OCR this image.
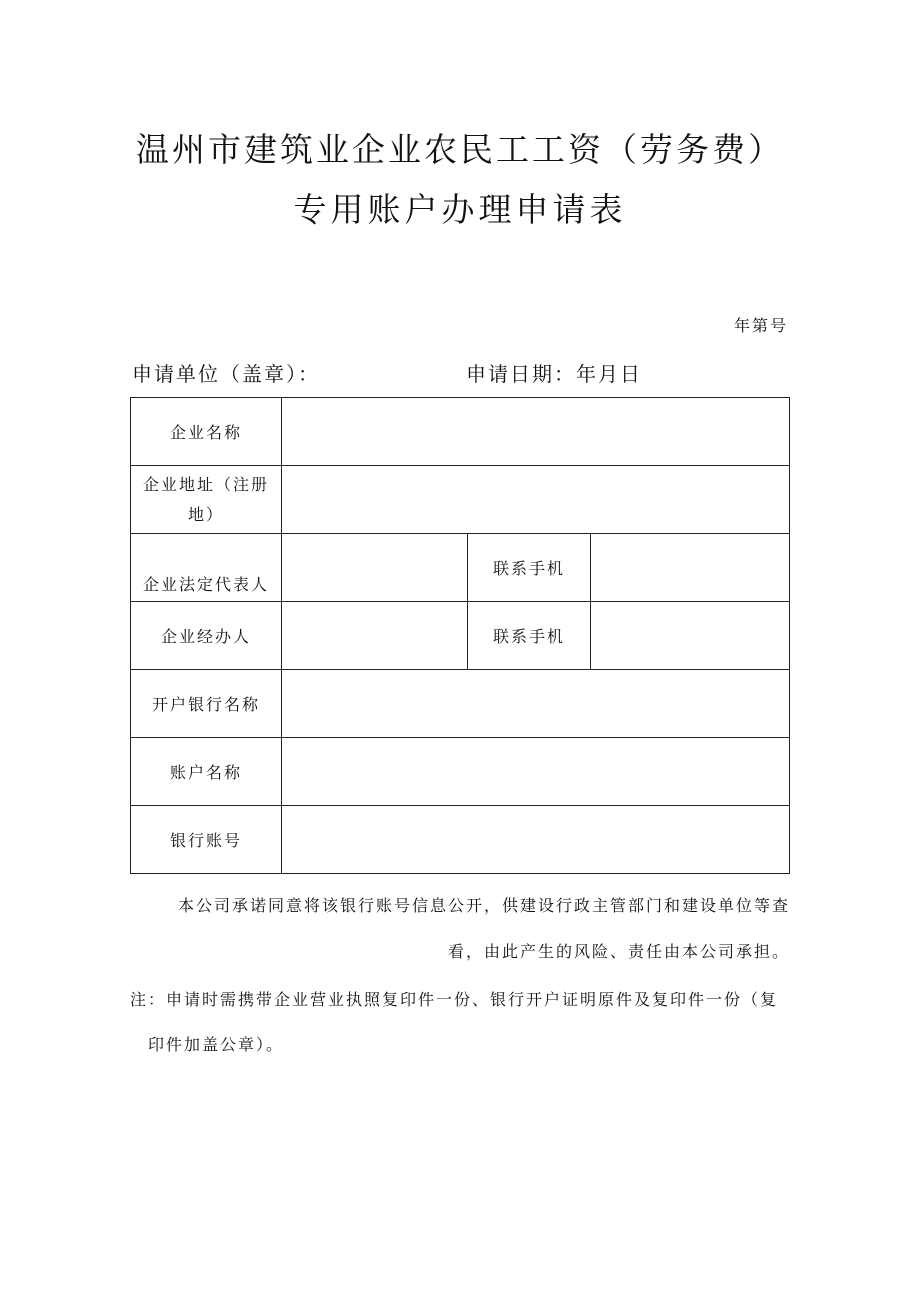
温州市建筑业企业农民工工资（劳务费）
专用账户办理申请表
年第号
申请单位（盖章）：	申请日期：年月日
企业名称			
企业地址（注册地）			
企业法定代表人		联系手机	
企业经办人		联系手机	
开户银行名称			
账户名称			
银行账号			
本公司承诺同意将该银行账号信息公开，供建设行政主管部门和建设单位等查
看，由此产生的风险、责任由本公司承担。
注：申请时需携带企业营业执照复印件一份、银行开户证明原件及复印件一份（复
印件加盖公章）。
